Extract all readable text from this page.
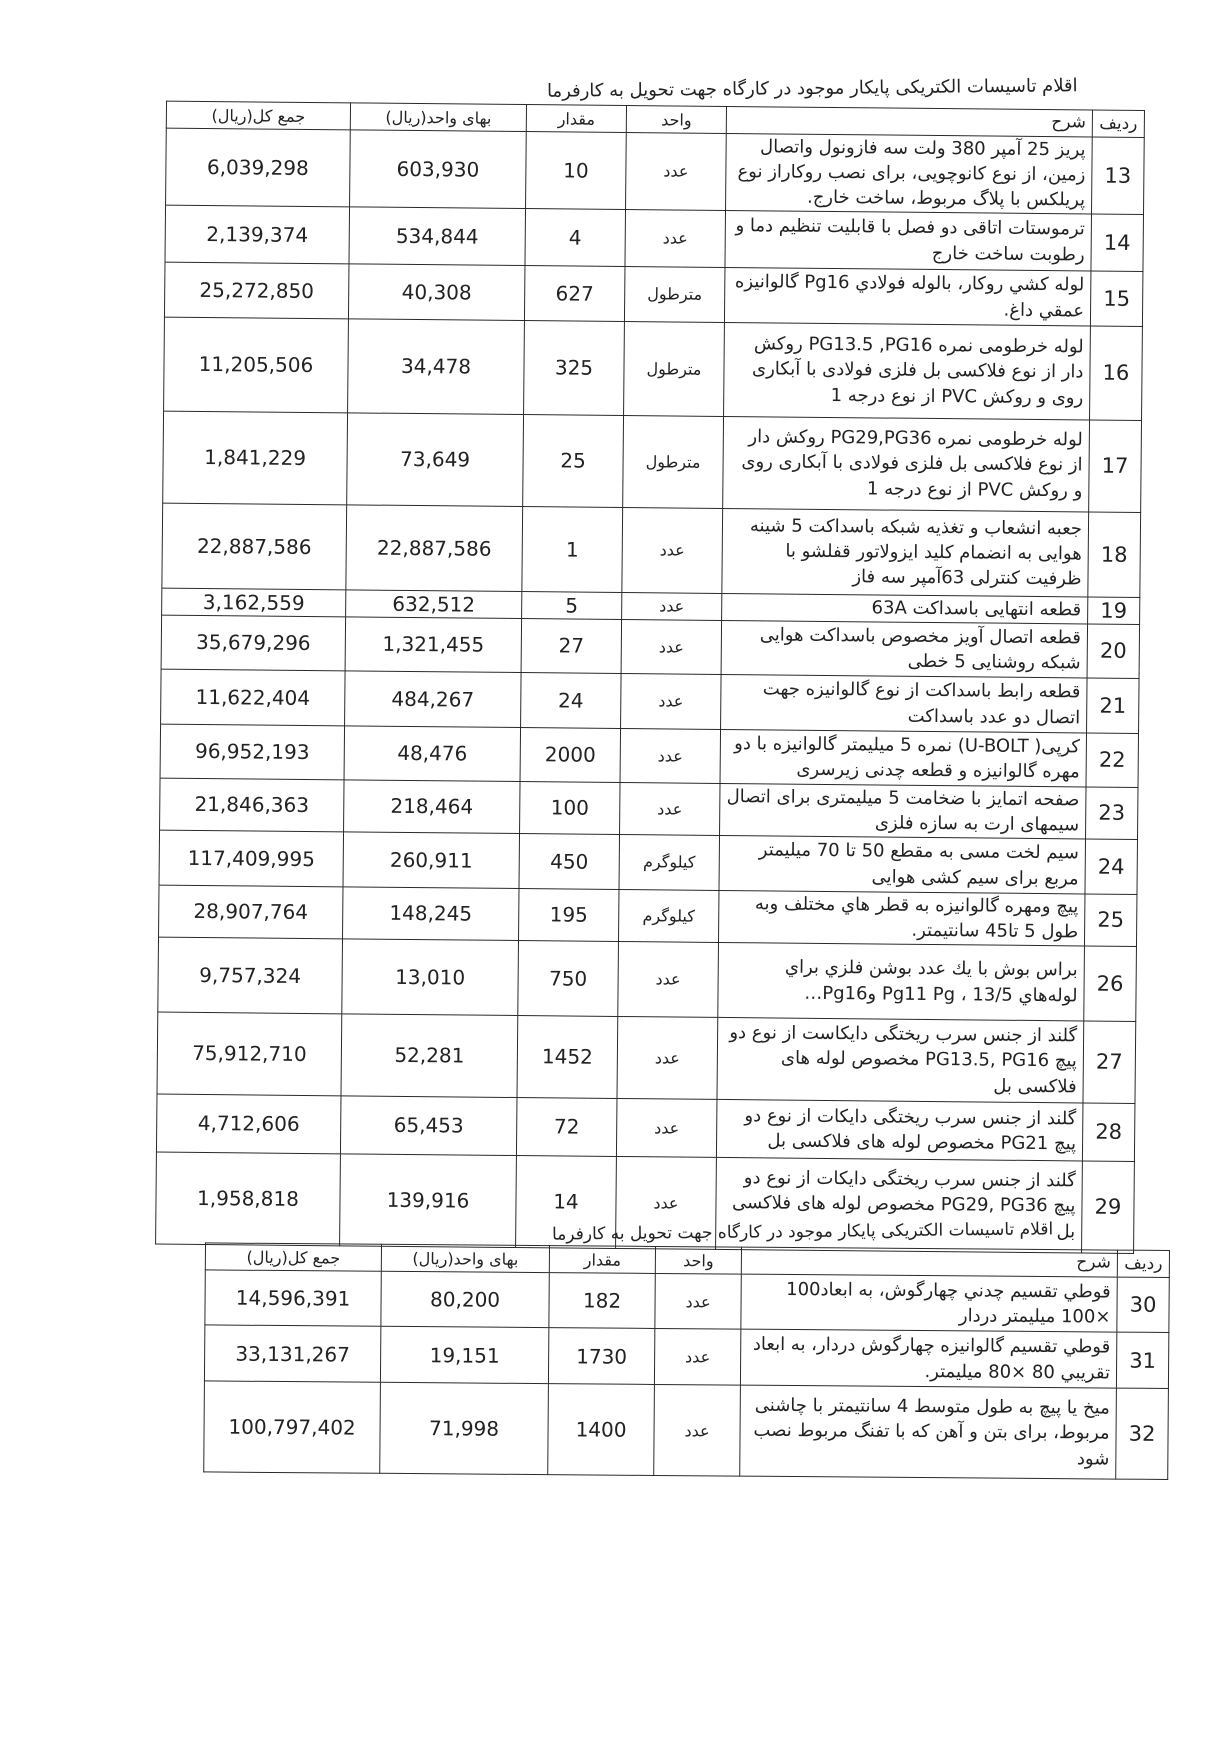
اقلام تاسیسات الکتریکی پایکار موجود در کارگاه جهت تحویل به کارفرما
ردیف	شرح	واحد	مقدار	بهای واحد(ریال)	جمع کل(ریال)
13	پریز 25 آمپر 380 ولت سه فازونول واتصال زمین، از نوع کانوچویی، برای نصب روکاراز نوع پریلکس با پلاگ مربوط، ساخت خارج.	عدد	10	603,930	6,039,298
14	ترموستات اتاقی دو فصل با قابلیت تنظیم دما و رطوبت ساخت خارج	عدد	4	534,844	2,139,374
15	لوله کشي روكار، بالوله فولادي Pg16 گالوانيزه عمقي داغ.	مترطول	627	40,308	25,272,850
16	لوله خرطومی نمره PG13.5 ,PG16 روکش دار از نوع فلاکسی بل فلزی فولادی با آبکاری روی و روکش PVC از نوع درجه 1	مترطول	325	34,478	11,205,506
17	لوله خرطومی نمره PG29,PG36 روکش دار از نوع فلاکسی بل فلزی فولادی با آبکاری روی و روکش PVC از نوع درجه 1	مترطول	25	73,649	1,841,229
18	جعبه انشعاب و تغذیه شبکه باسداکت 5 شینه هوایی به انضمام کلید ایزولاتور قفلشو با ظرفیت کنترلی 63آمپر سه فاز	عدد	1	22,887,586	22,887,586
19	قطعه انتهایی باسداکت 63A	عدد	5	632,512	3,162,559
20	قطعه اتصال آویز مخصوص باسداکت هوایی شبکه روشنایی 5 خطی	عدد	27	1,321,455	35,679,296
21	قطعه رابط باسداکت از نوع گالوانیزه جهت اتصال دو عدد باسداکت	عدد	24	484,267	11,622,404
22	کرپی( U-BOLT) نمره 5 میلیمتر گالوانیزه با دو مهره گالوانیزه و قطعه چدنی زیرسری	عدد	2000	48,476	96,952,193
23	صفحه اتمایز با ضخامت 5 میلیمتری برای اتصال سیمهای ارت به سازه فلزی	عدد	100	218,464	21,846,363
24	سیم لخت مسی به مقطع 50 تا 70 میلیمتر مربع برای سیم کشی هوایی	کیلوگرم	450	260,911	117,409,995
25	پیچ ومهره گالوانیزه به قطر هاي مختلف وبه طول 5 تا45 سانتیمتر.	کیلوگرم	195	148,245	28,907,764
26	براس بوش با يك عدد بوشن فلزي براي لوله‌هاي 13/5 ، Pg11 Pg وPg16…	عدد	750	13,010	9,757,324
27	گلند از جنس سرب ریختگی دایکاست از نوع دو پیچ PG13.5, PG16 مخصوص لوله های فلاکسی بل	عدد	1452	52,281	75,912,710
28	گلند از جنس سرب ریختگی دایکات از نوع دو پیچ PG21 مخصوص لوله های فلاکسی بل	عدد	72	65,453	4,712,606
29	گلند از جنس سرب ریختگی دایکات از نوع دو پیچ PG29, PG36 مخصوص لوله های فلاکسی بل	عدد	14	139,916	1,958,818
اقلام تاسیسات الکتریکی پایکار موجود در کارگاه جهت تحویل به کارفرما
ردیف	شرح	واحد	مقدار	بهای واحد(ریال)	جمع کل(ریال)
30	قوطي تقسيم چدني چهارگوش، به ابعاد100 ×100 ميليمتر دردار	عدد	182	80,200	14,596,391
31	قوطي تقسيم گالوانيزه چهارگوش دردار، به ابعاد تقريبي 80 ×80 ميليمتر.	عدد	1730	19,151	33,131,267
32	میخ یا پیچ به طول متوسط 4 سانتیمتر با چاشنی مربوط، برای بتن و آهن که با تفنگ مربوط نصب شود	عدد	1400	71,998	100,797,402
